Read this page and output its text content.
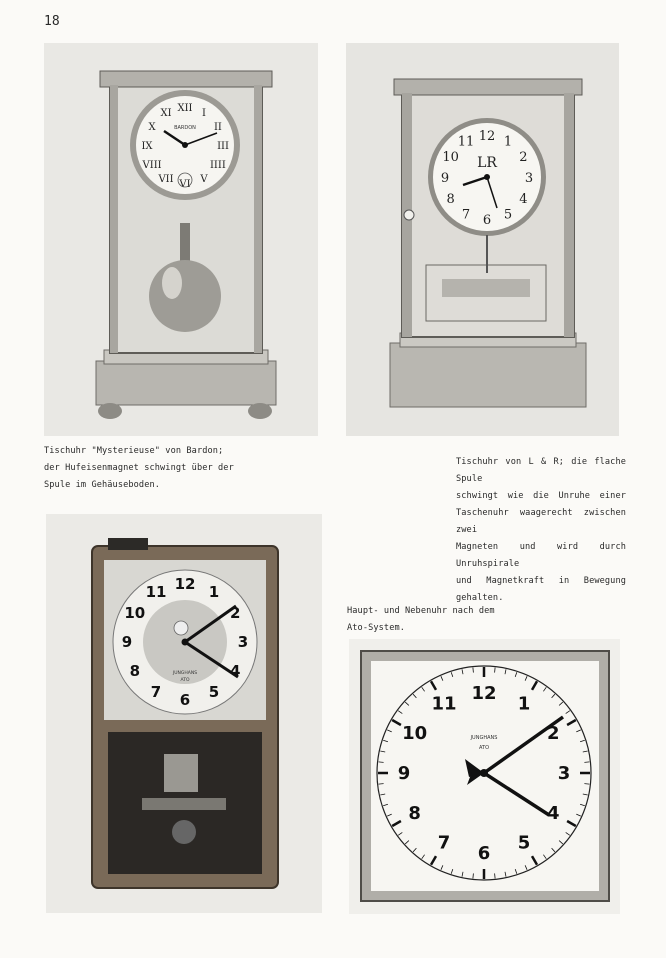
18
I
II
III
IIII
V
VI
VII
VIII
IX
X
XI XII
BARDON
1
2
3
4
5
6
7
8
9
10
11 12
LR

Tischuhr "Mysterieuse" von Bardon;

der Hufeisenmagnet schwingt über der

Spule im Gehäuseboden.

Tischuhr von L & R; die flache Spule

schwingt wie die Unruhe einer

Taschenuhr waagerecht zwischen zwei

Magneten und wird durch Unruhspirale

und Magnetkraft in Bewegung gehalten.

1
2
3
4
5
6
7
8
9
10
11 12
JUNGHANS
ATO

Haupt- und Nebenuhr nach dem

Ato-System.

1
2
3
4
5
6
7
8
9
10
11
12
JUNGHANS
ATO
